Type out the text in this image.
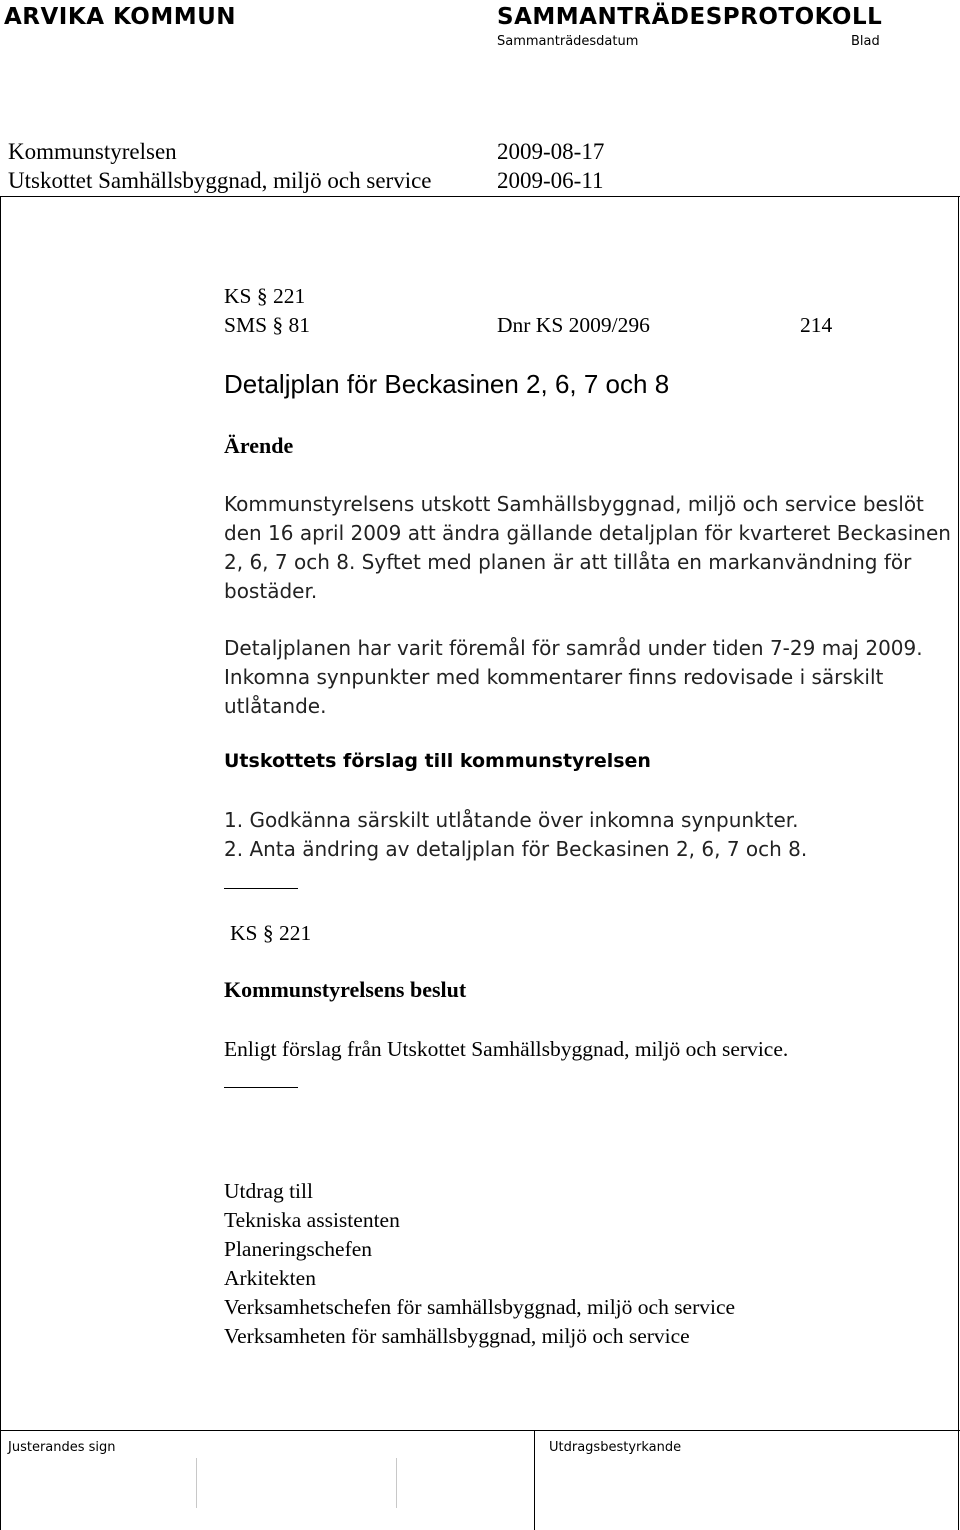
ARVIKA KOMMUN	SAMMANTRÄDESPROTOKOLL
Sammanträdesdatum	Blad
Kommunstyrelsen	2009-08-17
Utskottet Samhällsbyggnad, miljö och service	2009-06-11
KS § 221
SMS § 81	Dnr KS 2009/296	214
Detaljplan för Beckasinen 2, 6, 7 och 8
Ärende

Kommunstyrelsens utskott Samhällsbyggnad, miljö och service beslöt

den 16 april 2009 att ändra gällande detaljplan för kvarteret Beckasinen

2, 6, 7 och 8. Syftet med planen är att tillåta en markanvändning för

bostäder.

Detaljplanen har varit föremål för samråd under tiden 7-29 maj 2009.

Inkomna synpunkter med kommentarer finns redovisade i särskilt

utlåtande.

Utskottets förslag till kommunstyrelsen

1. Godkänna särskilt utlåtande över inkomna synpunkter.

2. Anta ändring av detaljplan för Beckasinen 2, 6, 7 och 8.

KS § 221
Kommunstyrelsens beslut
Enligt förslag från Utskottet Samhällsbyggnad, miljö och service.

Utdrag till

Tekniska assistenten

Planeringschefen

Arkitekten

Verksamhetschefen för samhällsbyggnad, miljö och service

Verksamheten för samhällsbyggnad, miljö och service

Justerandes sign	Utdragsbestyrkande
